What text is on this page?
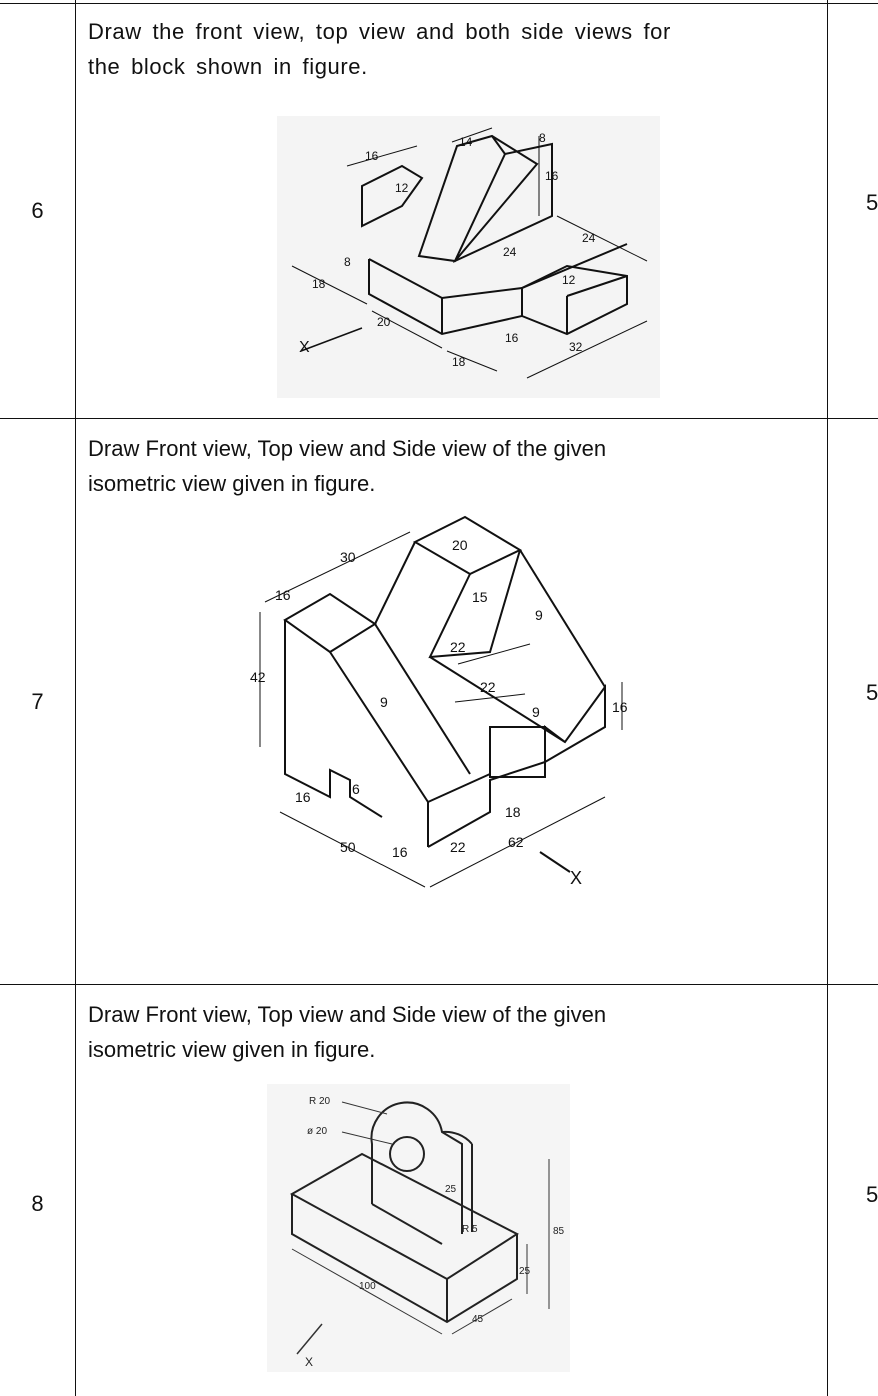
6
Draw the front view, top view and both side views for
the block shown in figure.
5
16
14	8
12
16
24
24
8
18	12
20
16
18
32
X
7
Draw Front view, Top view and Side view of the given
isometric view given in figure.
5
30
20
16	15
9
42
22
22
9
9	16
16	6
50	16	22
18
62
X
8
Draw Front view, Top view and Side view of the given
isometric view given in figure.
5
R 20
ø 20
25
R 5	85
25
100
45
X
